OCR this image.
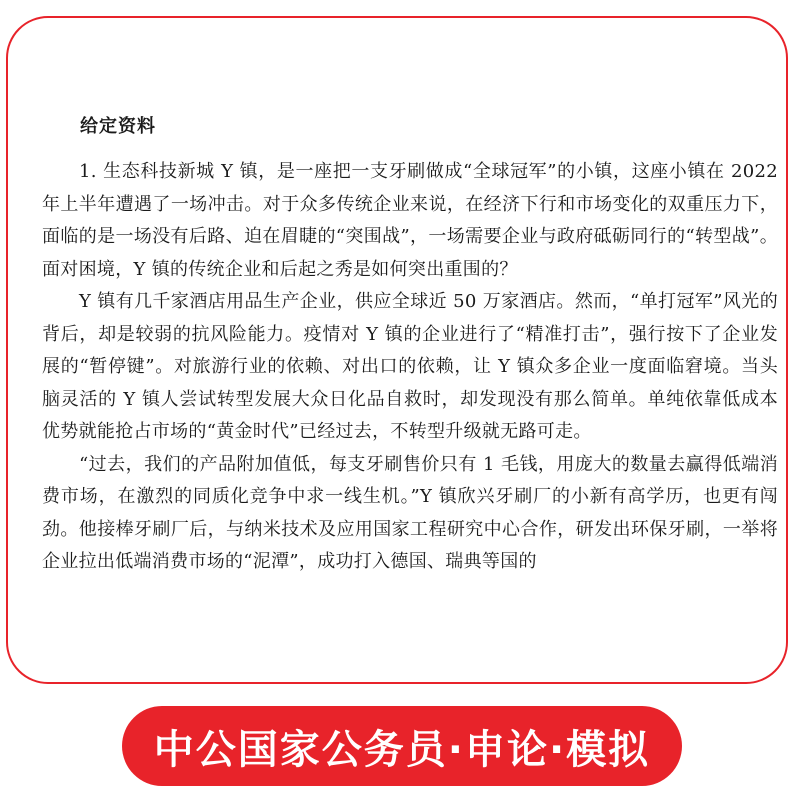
给定资料

1. 生态科技新城 Y 镇，是一座把一支牙刷做成“全球冠军”的小镇，这座小镇在 2022 年上半年遭遇了一场冲击。对于众多传统企业来说，在经济下行和市场变化的双重压力下，面临的是一场没有后路、迫在眉睫的“突围战”，一场需要企业与政府砥砺同行的“转型战”。面对困境，Y 镇的传统企业和后起之秀是如何突出重围的？

Y 镇有几千家酒店用品生产企业，供应全球近 50 万家酒店。然而，“单打冠军”风光的背后，却是较弱的抗风险能力。疫情对 Y 镇的企业进行了“精准打击”，强行按下了企业发展的“暂停键”。对旅游行业的依赖、对出口的依赖，让 Y 镇众多企业一度面临窘境。当头脑灵活的 Y 镇人尝试转型发展大众日化品自救时，却发现没有那么简单。单纯依靠低成本优势就能抢占市场的“黄金时代”已经过去，不转型升级就无路可走。

“过去，我们的产品附加值低，每支牙刷售价只有 1 毛钱，用庞大的数量去赢得低端消费市场，在激烈的同质化竞争中求一线生机。”Y 镇欣兴牙刷厂的小新有高学历，也更有闯劲。他接棒牙刷厂后，与纳米技术及应用国家工程研究中心合作，研发出环保牙刷，一举将企业拉出低端消费市场的“泥潭”，成功打入德国、瑞典等国的

中公国家公务员·申论·模拟
